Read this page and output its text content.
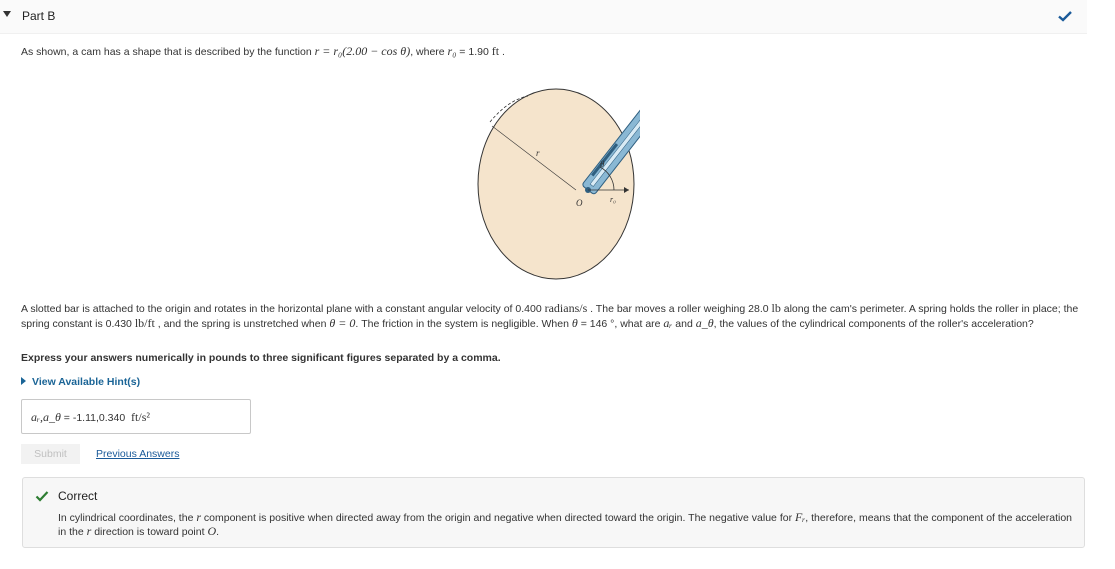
Part B
As shown, a cam has a shape that is described by the function r = r₀(2.00 − cos θ), where r₀ = 1.90 ft .
r
θ
O	r₀
A slotted bar is attached to the origin and rotates in the horizontal plane with a constant angular velocity of 0.400 radians/s . The bar moves a roller weighing 28.0 lb along the cam's perimeter. A spring holds the roller in place; the spring constant is 0.430 lb/ft , and the spring is unstretched when θ = 0. The friction in the system is negligible. When θ = 146 °, what are aᵣ and a_θ, the values of the cylindrical components of the roller's acceleration?
Express your answers numerically in pounds to three significant figures separated by a comma.
View Available Hint(s)
aᵣ,a_θ = -1.11,0.340 ft/s²
Submit	Previous Answers
Correct
In cylindrical coordinates, the r component is positive when directed away from the origin and negative when directed toward the origin. The negative value for Fᵣ, therefore, means that the component of the acceleration in the r direction is toward point O.
